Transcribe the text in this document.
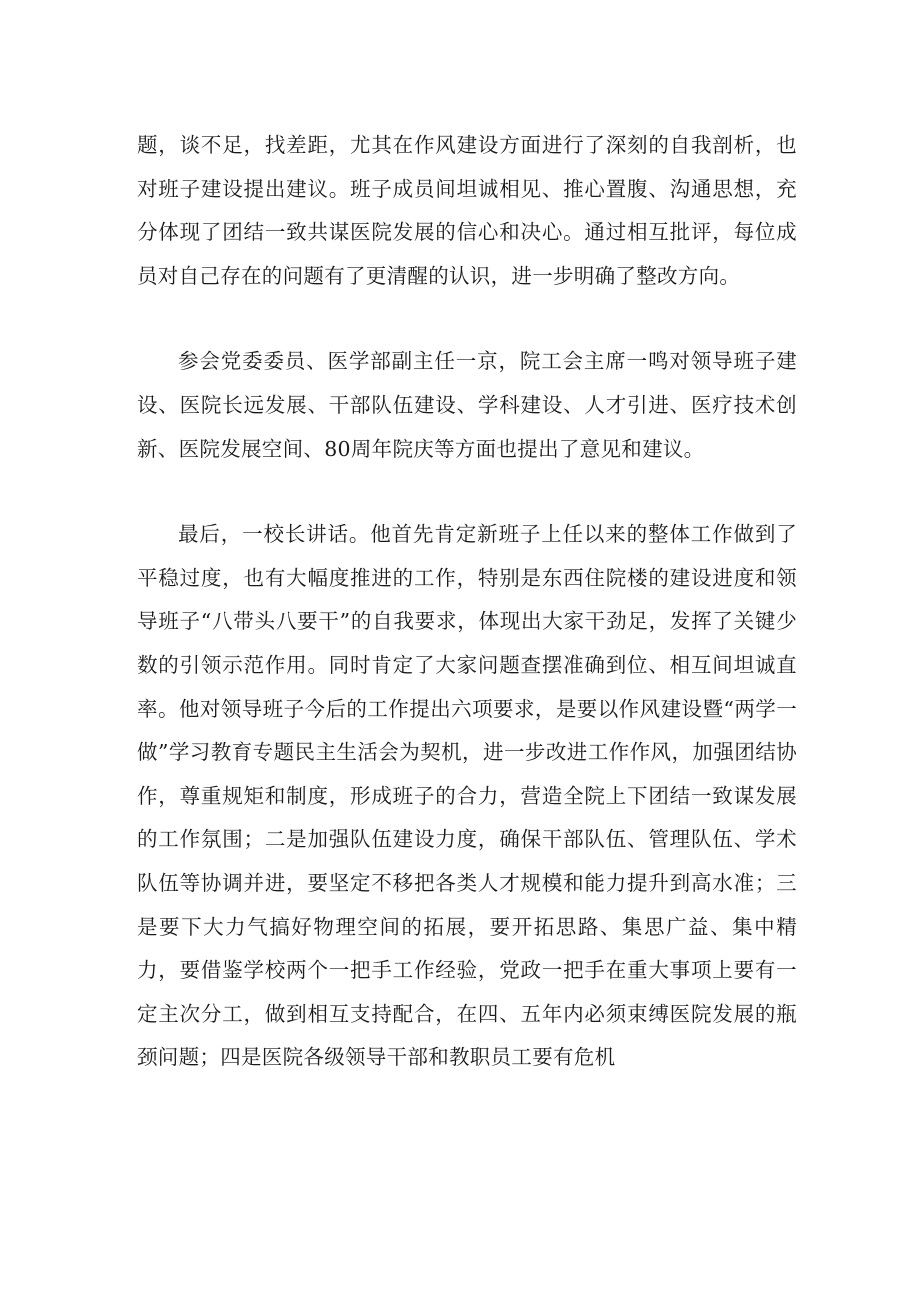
题，谈不足，找差距，尤其在作风建设方面进行了深刻的自我剖析，也对班子建设提出建议。班子成员间坦诚相见、推心置腹、沟通思想，充分体现了团结一致共谋医院发展的信心和决心。通过相互批评，每位成员对自己存在的问题有了更清醒的认识，进一步明确了整改方向。

参会党委委员、医学部副主任一京，院工会主席一鸣对领导班子建设、医院长远发展、干部队伍建设、学科建设、人才引进、医疗技术创新、医院发展空间、80周年院庆等方面也提出了意见和建议。

最后，一校长讲话。他首先肯定新班子上任以来的整体工作做到了平稳过度，也有大幅度推进的工作，特别是东西住院楼的建设进度和领导班子“八带头八要干”的自我要求，体现出大家干劲足，发挥了关键少数的引领示范作用。同时肯定了大家问题查摆准确到位、相互间坦诚直率。他对领导班子今后的工作提出六项要求，是要以作风建设暨“两学一做”学习教育专题民主生活会为契机，进一步改进工作作风，加强团结协作，尊重规矩和制度，形成班子的合力，营造全院上下团结一致谋发展的工作氛围；二是加强队伍建设力度，确保干部队伍、管理队伍、学术队伍等协调并进，要坚定不移把各类人才规模和能力提升到高水准；三是要下大力气搞好物理空间的拓展，要开拓思路、集思广益、集中精力，要借鉴学校两个一把手工作经验，党政一把手在重大事项上要有一定主次分工，做到相互支持配合，在四、五年内必须束缚医院发展的瓶颈问题；四是医院各级领导干部和教职员工要有危机
